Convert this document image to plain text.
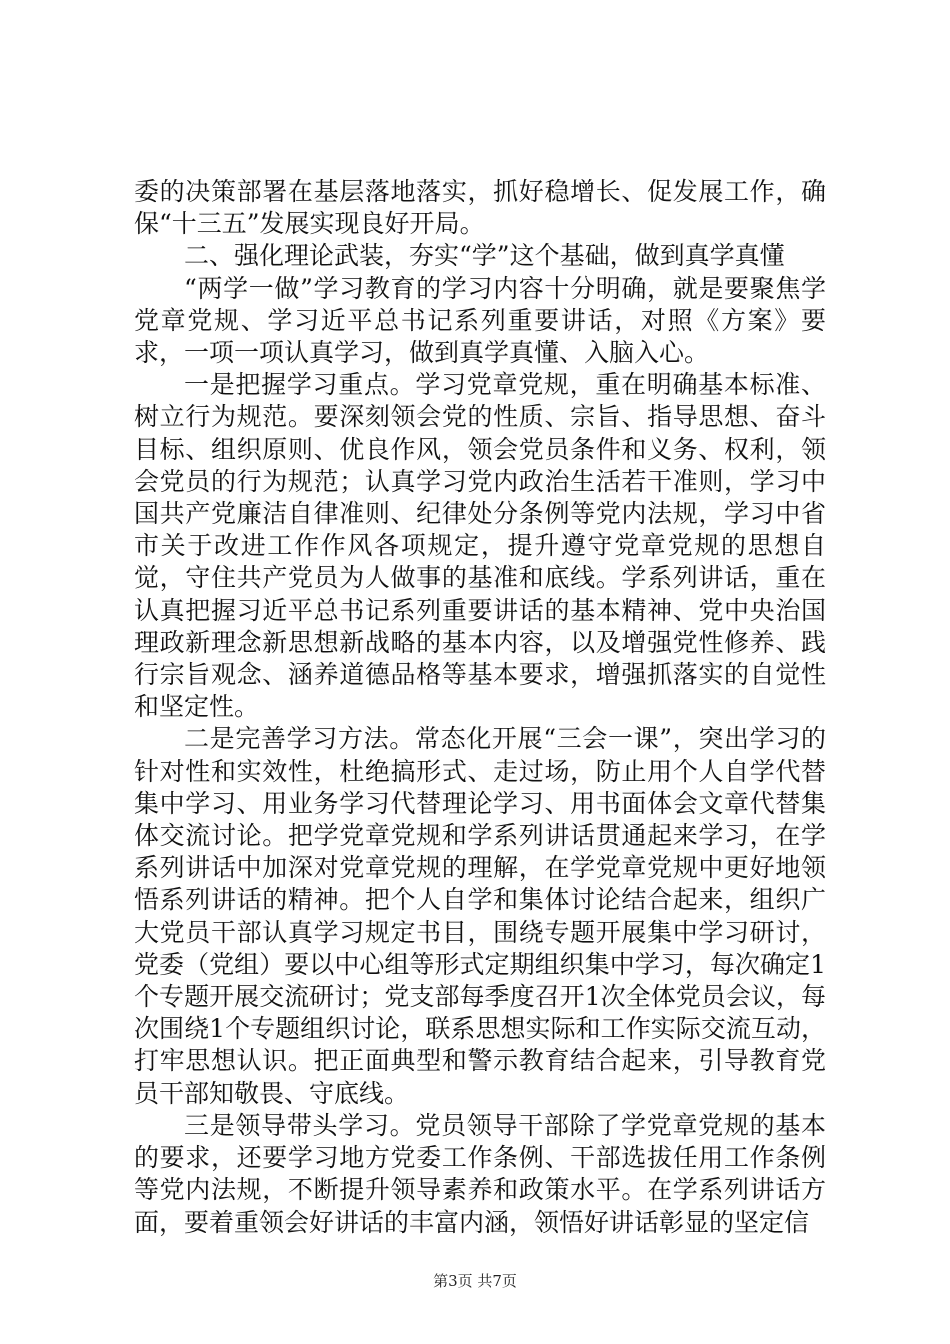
委的决策部署在基层落地落实，抓好稳增长、促发展工作，确保“十三五”发展实现良好开局。

二、强化理论武装，夯实“学”这个基础，做到真学真懂

“两学一做”学习教育的学习内容十分明确，就是要聚焦学党章党规、学习近平总书记系列重要讲话，对照《方案》要求，一项一项认真学习，做到真学真懂、入脑入心。

一是把握学习重点。学习党章党规，重在明确基本标准、树立行为规范。要深刻领会党的性质、宗旨、指导思想、奋斗目标、组织原则、优良作风，领会党员条件和义务、权利，领会党员的行为规范；认真学习党内政治生活若干准则，学习中国共产党廉洁自律准则、纪律处分条例等党内法规，学习中省市关于改进工作作风各项规定，提升遵守党章党规的思想自觉，守住共产党员为人做事的基准和底线。学系列讲话，重在认真把握习近平总书记系列重要讲话的基本精神、党中央治国理政新理念新思想新战略的基本内容，以及增强党性修养、践行宗旨观念、涵养道德品格等基本要求，增强抓落实的自觉性和坚定性。

二是完善学习方法。常态化开展“三会一课”，突出学习的针对性和实效性，杜绝搞形式、走过场，防止用个人自学代替集中学习、用业务学习代替理论学习、用书面体会文章代替集体交流讨论。把学党章党规和学系列讲话贯通起来学习，在学系列讲话中加深对党章党规的理解，在学党章党规中更好地领悟系列讲话的精神。把个人自学和集体讨论结合起来，组织广大党员干部认真学习规定书目，围绕专题开展集中学习研讨，党委（党组）要以中心组等形式定期组织集中学习，每次确定1个专题开展交流研讨；党支部每季度召开1次全体党员会议，每次围绕1个专题组织讨论，联系思想实际和工作实际交流互动，打牢思想认识。把正面典型和警示教育结合起来，引导教育党员干部知敬畏、守底线。

三是领导带头学习。党员领导干部除了学党章党规的基本的要求，还要学习地方党委工作条例、干部选拔任用工作条例等党内法规，不断提升领导素养和政策水平。在学系列讲话方面，要着重领会好讲话的丰富内涵，领悟好讲话彰显的坚定信

第3页 共7页
